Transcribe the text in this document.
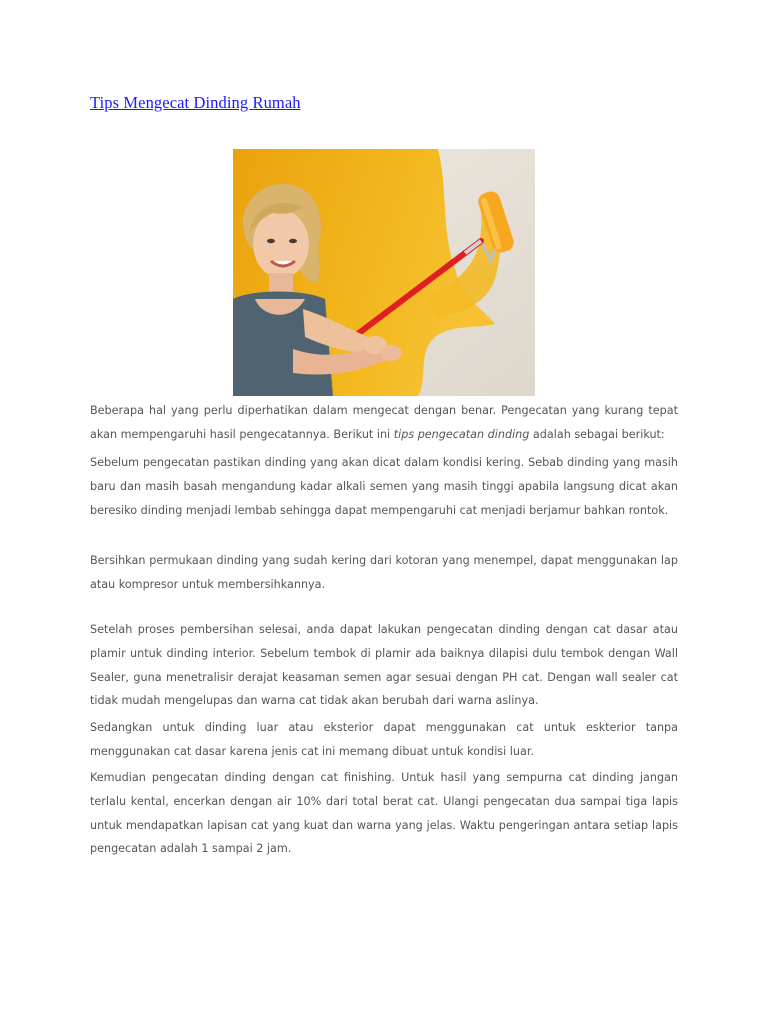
Tips Mengecat Dinding Rumah

Beberapa hal yang perlu diperhatikan dalam mengecat dengan benar. Pengecatan yang kurang tepat akan mempengaruhi hasil pengecatannya. Berikut ini tips pengecatan dinding adalah sebagai berikut:

Sebelum pengecatan pastikan dinding yang akan dicat dalam kondisi kering. Sebab dinding yang masih baru dan masih basah mengandung kadar alkali semen yang masih tinggi apabila langsung dicat akan beresiko dinding menjadi lembab sehingga dapat mempengaruhi cat menjadi berjamur bahkan rontok.

Bersihkan permukaan dinding yang sudah kering dari kotoran yang menempel, dapat menggunakan lap atau kompresor untuk membersihkannya.

Setelah proses pembersihan selesai, anda dapat lakukan pengecatan dinding dengan cat dasar atau plamir untuk dinding interior. Sebelum tembok di plamir ada baiknya dilapisi dulu tembok dengan Wall Sealer, guna menetralisir derajat keasaman semen agar sesuai dengan PH cat. Dengan wall sealer cat tidak mudah mengelupas dan warna cat tidak akan berubah dari warna aslinya.

Sedangkan untuk dinding luar atau eksterior dapat menggunakan cat untuk eskterior tanpa menggunakan cat dasar karena jenis cat ini memang dibuat untuk kondisi luar.

Kemudian pengecatan dinding dengan cat finishing. Untuk hasil yang sempurna cat dinding jangan terlalu kental, encerkan dengan air 10% dari total berat cat. Ulangi pengecatan dua sampai tiga lapis untuk mendapatkan lapisan cat yang kuat dan warna yang jelas. Waktu pengeringan antara setiap lapis pengecatan adalah 1 sampai 2 jam.
